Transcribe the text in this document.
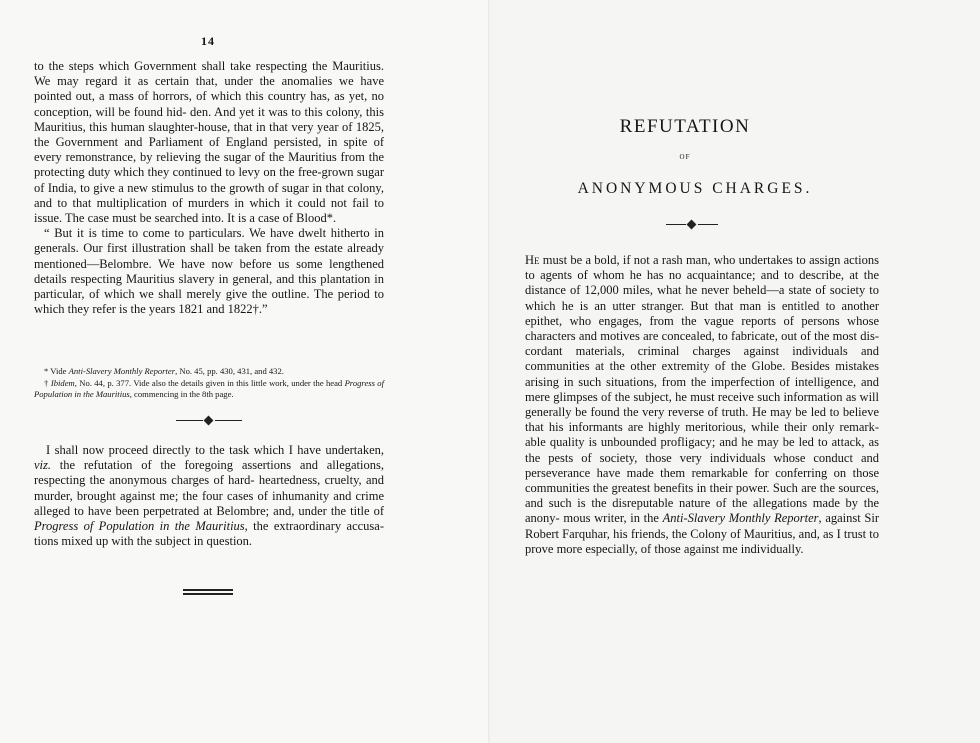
14

to the steps which Government shall take respecting the Mauritius. We may regard it as certain that, under the anomalies we have pointed out, a mass of horrors, of which this country has, as yet, no conception, will be found hid- den. And yet it was to this colony, this Mauritius, this human slaughter-house, that in that very year of 1825, the Government and Parliament of England persisted, in spite of every remonstrance, by relieving the sugar of the Mauritius from the protecting duty which they continued to levy on the free-grown sugar of India, to give a new stimulus to the growth of sugar in that colony, and to that multiplication of murders in which it could not fail to issue. The case must be searched into. It is a case of Blood*.

“ But it is time to come to particulars. We have dwelt hitherto in generals. Our first illustration shall be taken from the estate already mentioned—Belombre. We have now before us some lengthened details respecting Mauritius slavery in general, and this plantation in particular, of which we shall merely give the outline. The period to which they refer is the years 1821 and 1822†.”

* Vide Anti-Slavery Monthly Reporter, No. 45, pp. 430, 431, and 432.

† Ibidem, No. 44, p. 377. Vide also the details given in this little work, under the head Progress of Population in the Mauritius, commencing in the 8th page.

I shall now proceed directly to the task which I have undertaken, viz. the refutation of the foregoing assertions and allegations, respecting the anonymous charges of hard- heartedness, cruelty, and murder, brought against me; the four cases of inhumanity and crime alleged to have been perpetrated at Belombre; and, under the title of Progress of Population in the Mauritius, the extraordinary accusa- tions mixed up with the subject in question.

REFUTATION
OF
ANONYMOUS CHARGES.

He must be a bold, if not a rash man, who undertakes to assign actions to agents of whom he has no acquaintance; and to describe, at the distance of 12,000 miles, what he never beheld—a state of society to which he is an utter stranger. But that man is entitled to another epithet, who engages, from the vague reports of persons whose characters and motives are concealed, to fabricate, out of the most dis- cordant materials, criminal charges against individuals and communities at the other extremity of the Globe. Besides mistakes arising in such situations, from the imperfection of intelligence, and mere glimpses of the subject, he must receive such information as will generally be found the very reverse of truth. He may be led to believe that his informants are highly meritorious, while their only remark- able quality is unbounded profligacy; and he may be led to attack, as the pests of society, those very individuals whose conduct and perseverance have made them remarkable for conferring on those communities the greatest benefits in their power. Such are the sources, and such is the disreputable nature of the allegations made by the anony- mous writer, in the Anti-Slavery Monthly Reporter, against Sir Robert Farquhar, his friends, the Colony of Mauritius, and, as I trust to prove more especially, of those against me individually.
